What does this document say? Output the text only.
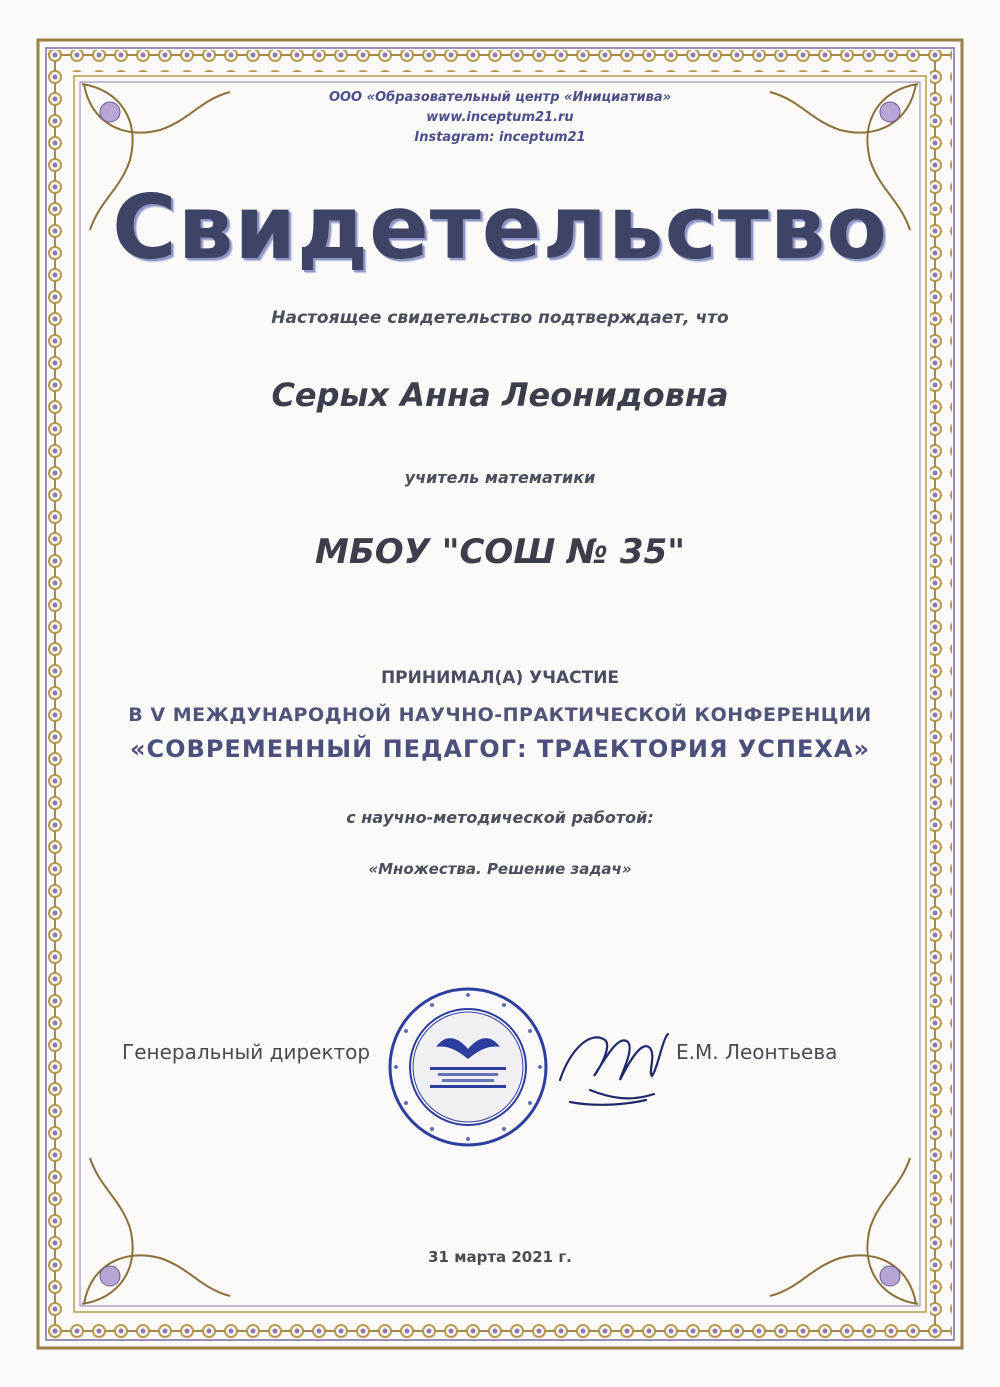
ООО «Образовательный центр «Инициатива»
www.inceptum21.ru
Instagram: inceptum21
Свидетельство
Настоящее свидетельство подтверждает, что
Серых Анна Леонидовна
учитель математики
МБОУ "СОШ № 35"
ПРИНИМАЛ(А) УЧАСТИЕ
В V МЕЖДУНАРОДНОЙ НАУЧНО-ПРАКТИЧЕСКОЙ КОНФЕРЕНЦИИ
«СОВРЕМЕННЫЙ ПЕДАГОГ: ТРАЕКТОРИЯ УСПЕХА»
с научно-методической работой:
«Множества. Решение задач»
Генеральный директор	Е.М. Леонтьева
31 марта 2021 г.
